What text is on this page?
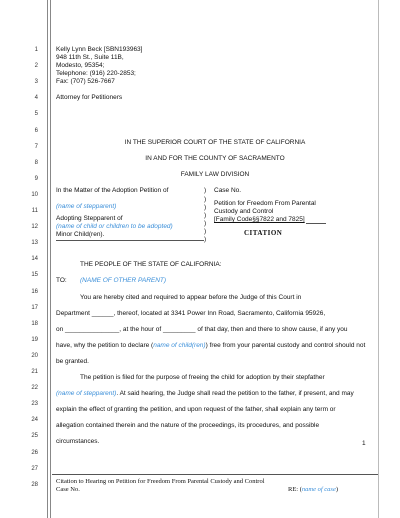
1
2
3
4
5
6
7
8
9
10
11
12
13
14
15
16
17
18
19
20
21
22
23
24
25
26
27
28
Kelly Lynn Beck [SBN193963]
948 11th St., Suite 11B,
Modesto, 95354;
Telephone: (916) 220-2853;
Fax: (707) 526-7667
Attorney for Petitioners
IN THE SUPERIOR COURT OF THE STATE OF CALIFORNIA
IN AND FOR THE COUNTY OF SACRAMENTO
FAMILY LAW DIVISION
In the Matter of the Adoption Petition of
(name of stepparent)
Adopting Stepparent of
(name of child or children to be adopted)
Minor Child(ren).
)
)
)
)
)
)
)
Case No.
Petition for Freedom From Parental
Custody and Control
[Family Code§§7822 and 7825]
CITATION
THE PEOPLE OF THE STATE OF CALIFORNIA:
TO: (NAME OF OTHER PARENT)
You are hereby cited and required to appear before the Judge of this Court in
Department ______, thereof, located at 3341 Power Inn Road, Sacramento, California 95926,
on _______________, at the hour of _________ of that day, then and there to show cause, if any you
have, why the petition to declare (name of child(ren)) free from your parental custody and control should not
be granted.
The petition is filed for the purpose of freeing the child for adoption by their stepfather
(name of stepparent). At said hearing, the Judge shall read the petition to the father, if present, and may
explain the effect of granting the petition, and upon request of the father, shall explain any term or
allegation contained therein and the nature of the proceedings, its procedures, and possible
circumstances.	1
Citation to Hearing on Petition for Freedom From Parental Custody and Control
Case No.	RE: (name of case)
